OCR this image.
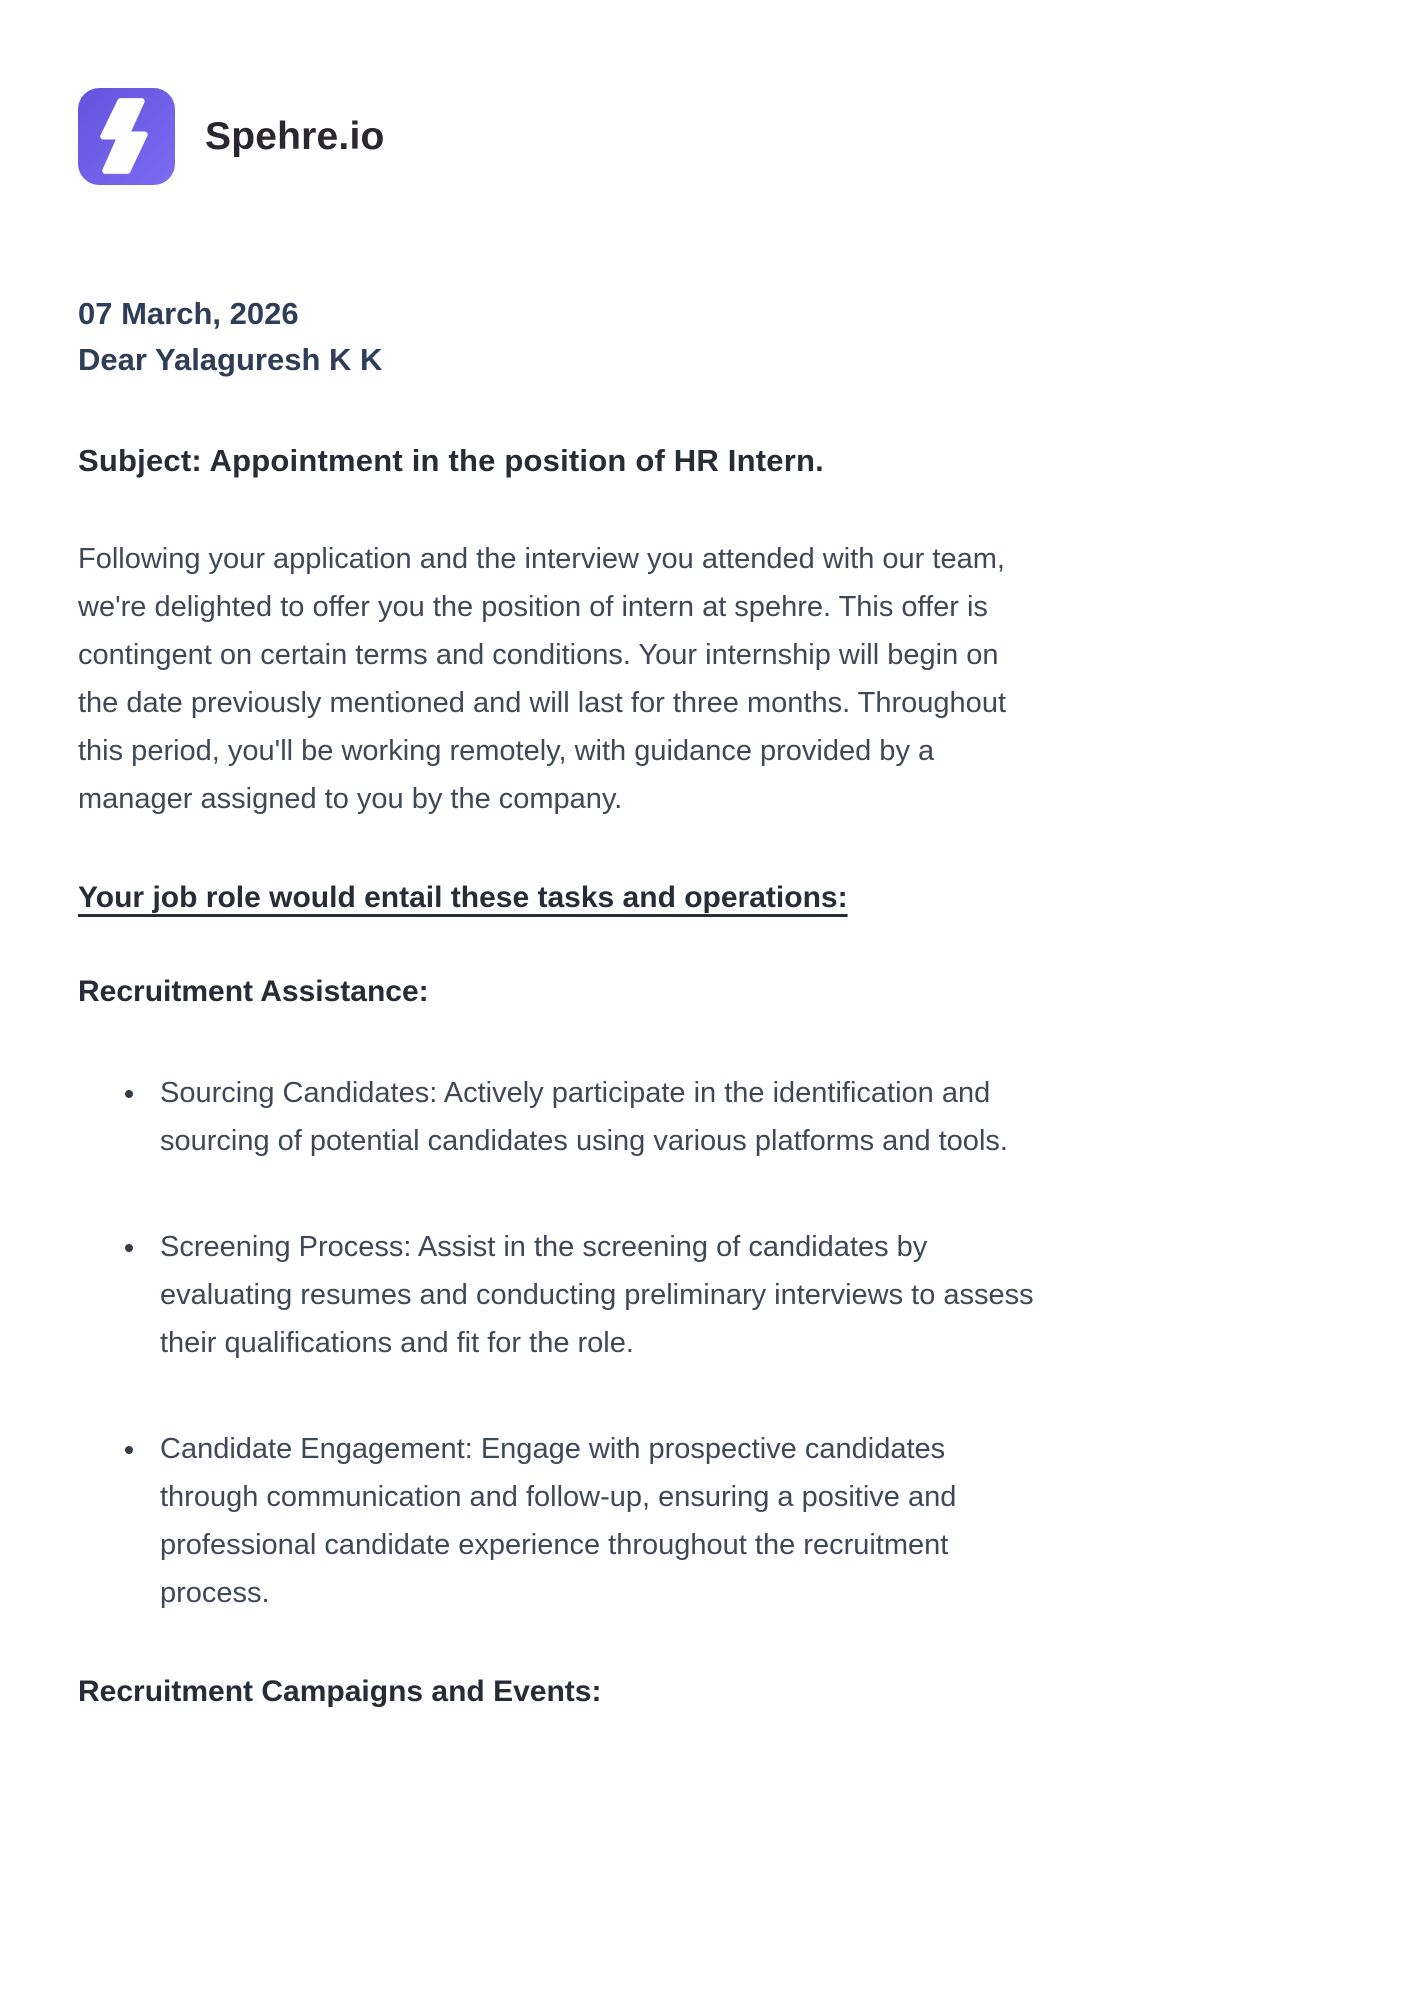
Spehre.io
07 March, 2026
Dear Yalaguresh K K
Subject: Appointment in the position of HR Intern.
Following your application and the interview you attended with our team, we're delighted to offer you the position of intern at spehre. This offer is contingent on certain terms and conditions. Your internship will begin on the date previously mentioned and will last for three months. Throughout this period, you'll be working remotely, with guidance provided by a manager assigned to you by the company.
Your job role would entail these tasks and operations:
Recruitment Assistance:
• Sourcing Candidates: Actively participate in the identification and sourcing of potential candidates using various platforms and tools.
• Screening Process: Assist in the screening of candidates by evaluating resumes and conducting preliminary interviews to assess their qualifications and fit for the role.
• Candidate Engagement: Engage with prospective candidates through communication and follow-up, ensuring a positive and professional candidate experience throughout the recruitment process.
Recruitment Campaigns and Events:
